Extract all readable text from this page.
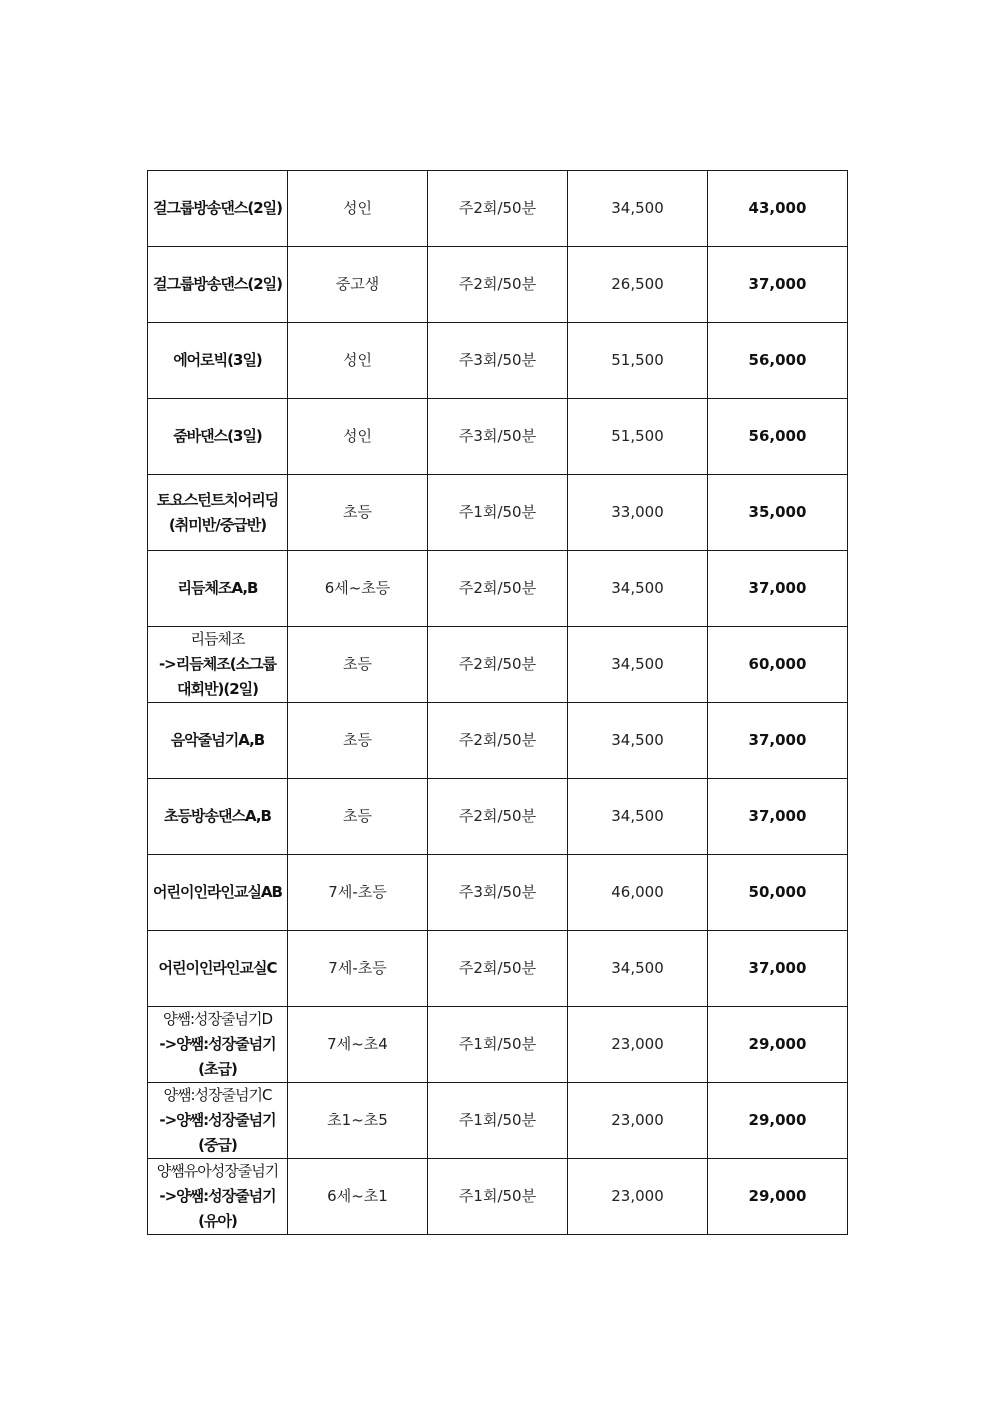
걸그룹방송댄스(2일)	성인	주2회/50분	34,500	43,000

걸그룹방송댄스(2일)	중고생	주2회/50분	26,500	37,000

에어로빅(3일)	성인	주3회/50분	51,500	56,000

줌바댄스(3일)	성인	주3회/50분	51,500	56,000

토요스턴트치어리딩
(취미반/중급반)	초등	주1회/50분	33,000	35,000

리듬체조A,B	6세~초등	주2회/50분	34,500	37,000

리듬체조
->리듬체조(소그룹
대회반)(2일)	초등	주2회/50분	34,500	60,000

음악줄넘기A,B	초등	주2회/50분	34,500	37,000

초등방송댄스A,B	초등	주2회/50분	34,500	37,000

어린이인라인교실AB	7세-초등	주3회/50분	46,000	50,000

어린이인라인교실C	7세-초등	주2회/50분	34,500	37,000

양쌤:성장줄넘기D
->양쌤:성장줄넘기
(초급)	7세~초4	주1회/50분	23,000	29,000

양쌤:성장줄넘기C
->양쌤:성장줄넘기
(중급)	초1~초5	주1회/50분	23,000	29,000

양쌤유아성장줄넘기
->양쌤:성장줄넘기
(유아)	6세~초1	주1회/50분	23,000	29,000
